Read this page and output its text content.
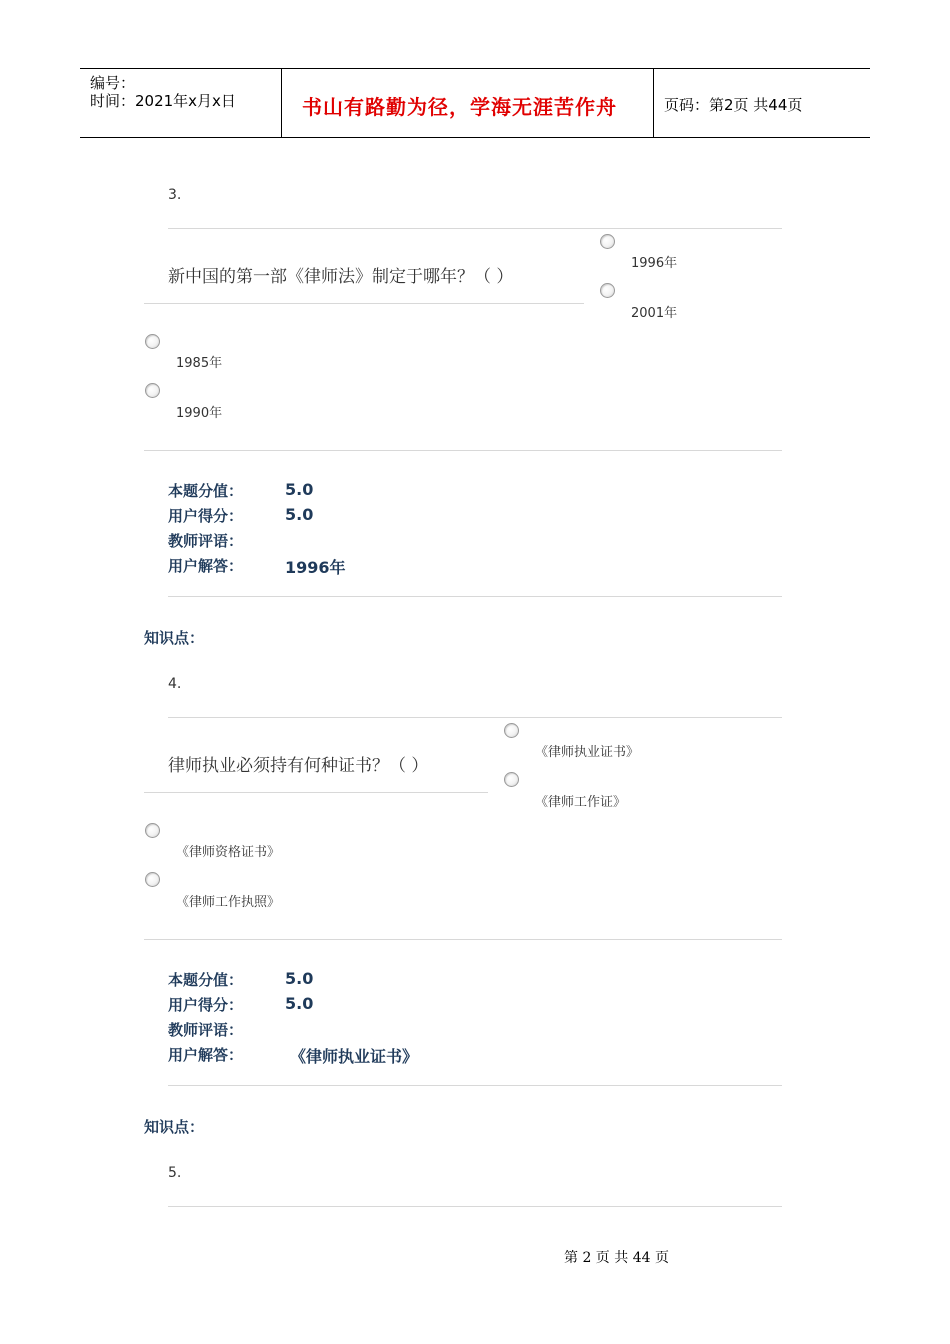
编号：
时间：2021年x月x日	书山有路勤为径，学海无涯苦作舟	页码：第2页 共44页
3.
新中国的第一部《律师法》制定于哪年？（ ）
1996年
2001年
1985年
1990年
本题分值：	5.0
用户得分：	5.0
教师评语：
用户解答：	1996年
知识点：
4.
律师执业必须持有何种证书？（ ）
《律师执业证书》
《律师工作证》
《律师资格证书》
《律师工作执照》
本题分值：	5.0
用户得分：	5.0
教师评语：
用户解答：	《律师执业证书》
知识点：
5.
第 2 页 共 44 页
